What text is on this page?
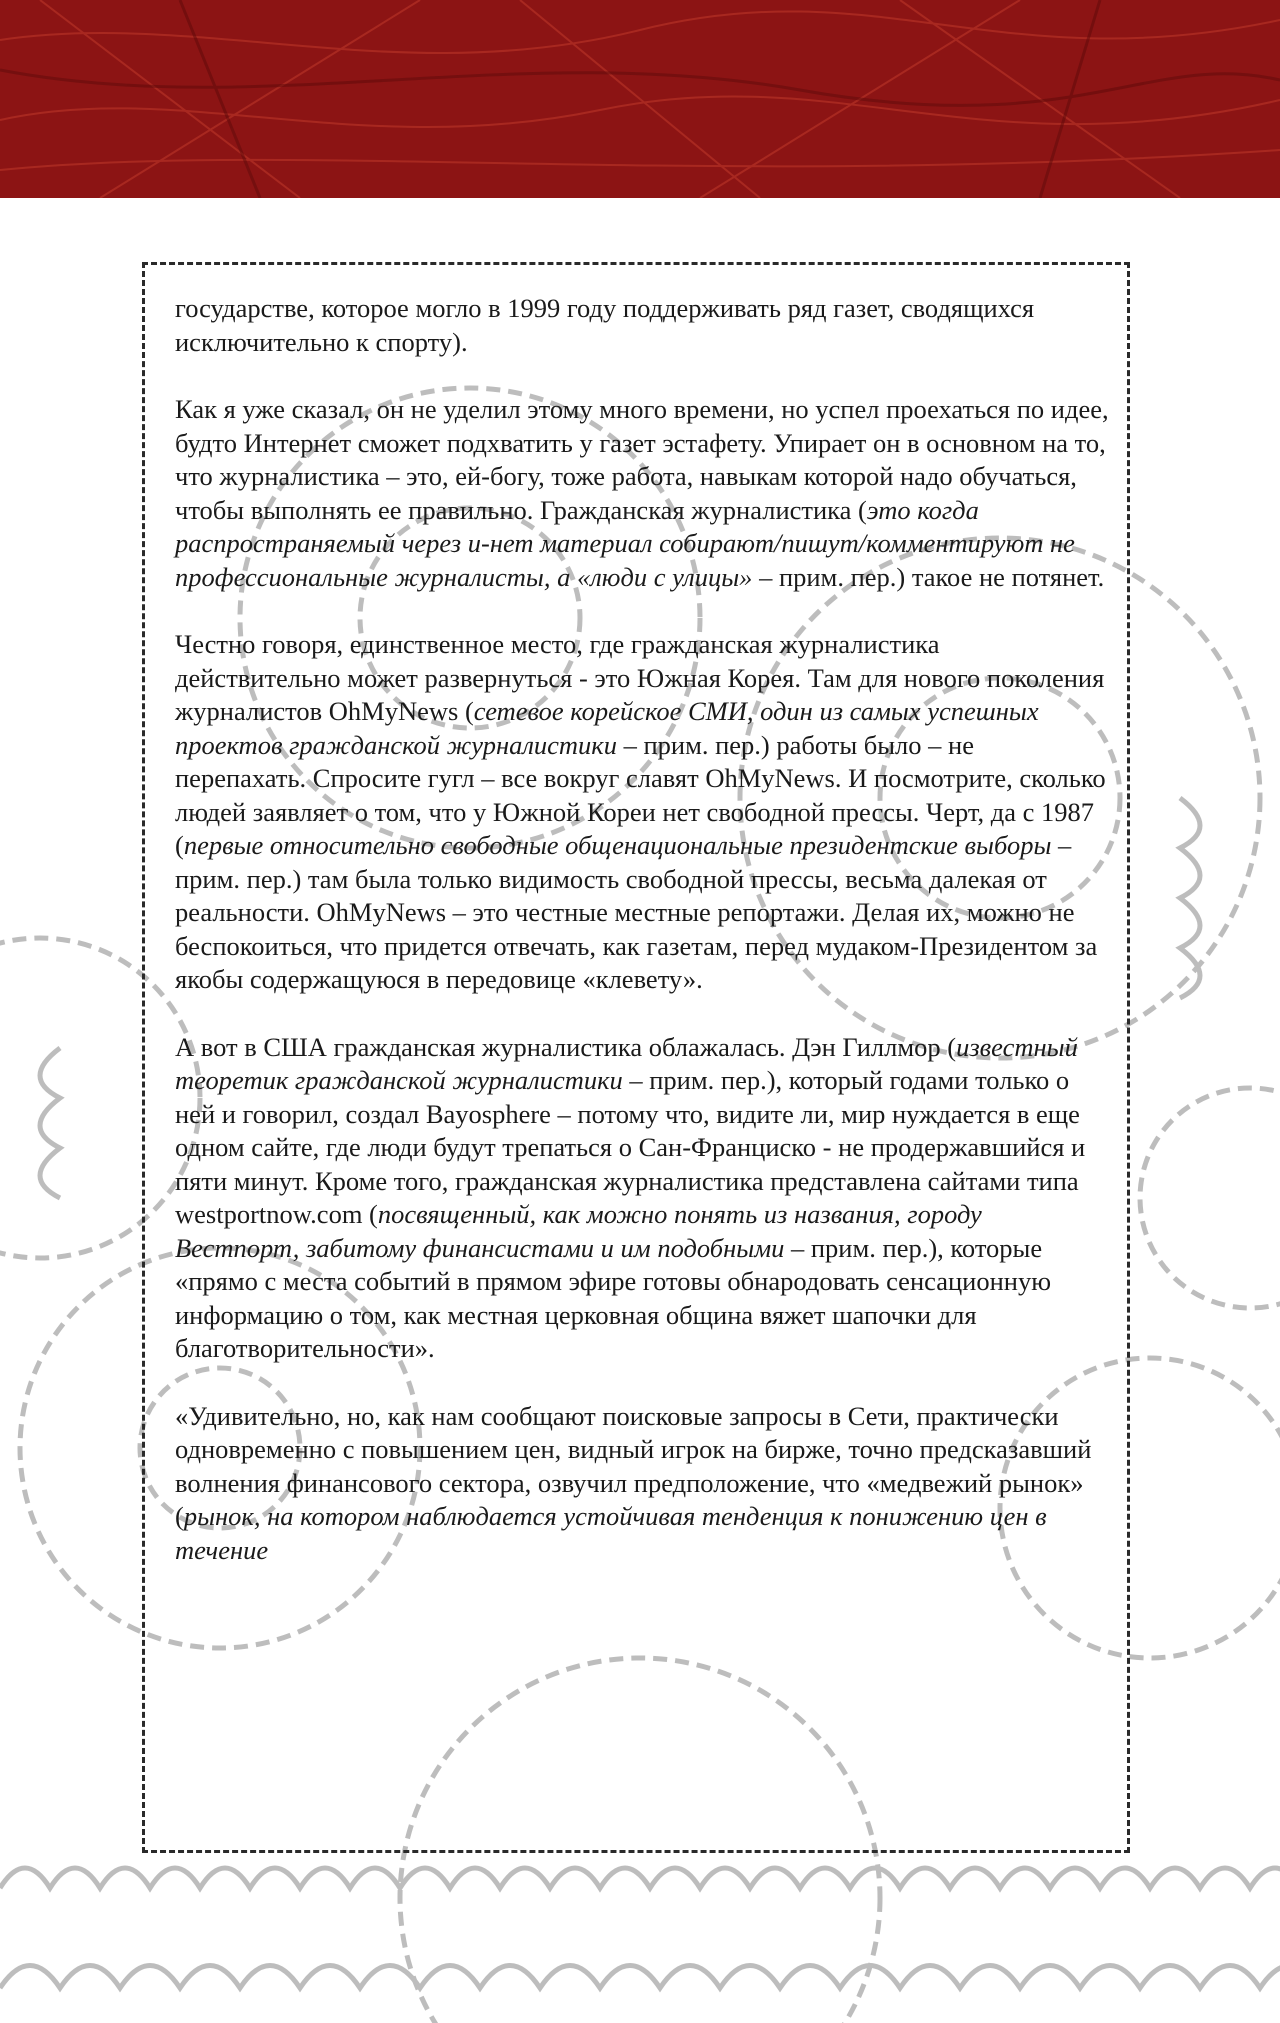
государстве, которое могло в 1999 году поддерживать ряд газет, сводящихся исключительно к спорту).

Как я уже сказал, он не уделил этому много времени, но успел проехаться по идее, будто Интернет сможет подхватить у газет эстафету. Упирает он в основном на то, что журналистика – это, ей-богу, тоже работа, навыкам которой надо обучаться, чтобы выполнять ее правильно. Гражданская журналистика (это когда распространяемый через и-нет материал собирают/пишут/комментируют не профессиональные журналисты, а «люди с улицы» – прим. пер.) такое не потянет.

Честно говоря, единственное место, где гражданская журналистика действительно может развернуться - это Южная Корея. Там для нового поколения журналистов OhMyNews (сетевое корейское СМИ, один из самых успешных проектов гражданской журналистики – прим. пер.) работы было – не перепахать. Спросите гугл – все вокруг славят OhMyNews. И посмотрите, сколько людей заявляет о том, что у Южной Кореи нет свободной прессы. Черт, да с 1987 (первые относительно свободные общенациональные президентские выборы – прим. пер.) там была только видимость свободной прессы, весьма далекая от реальности. OhMyNews – это честные местные репортажи. Делая их, можно не беспокоиться, что придется отвечать, как газетам, перед мудаком-Президентом за якобы содержащуюся в передовице «клевету».

А вот в США гражданская журналистика облажалась. Дэн Гиллмор (известный теоретик гражданской журналистики – прим. пер.), который годами только о ней и говорил, создал Bayosphere – потому что, видите ли, мир нуждается в еще одном сайте, где люди будут трепаться о Сан-Франциско - не продержавшийся и пяти минут. Кроме того, гражданская журналистика представлена сайтами типа westportnow.com (посвященный, как можно понять из названия, городу Вестпорт, забитому финансистами и им подобными – прим. пер.), которые «прямо с места событий в прямом эфире готовы обнародовать сенсационную информацию о том, как местная церковная община вяжет шапочки для благотворительности».

«Удивительно, но, как нам сообщают поисковые запросы в Сети, практически одновременно с повышением цен, видный игрок на бирже, точно предсказавший волнения финансового сектора, озвучил предположение, что «медвежий рынок» (рынок, на котором наблюдается устойчивая тенденция к понижению цен в течение
